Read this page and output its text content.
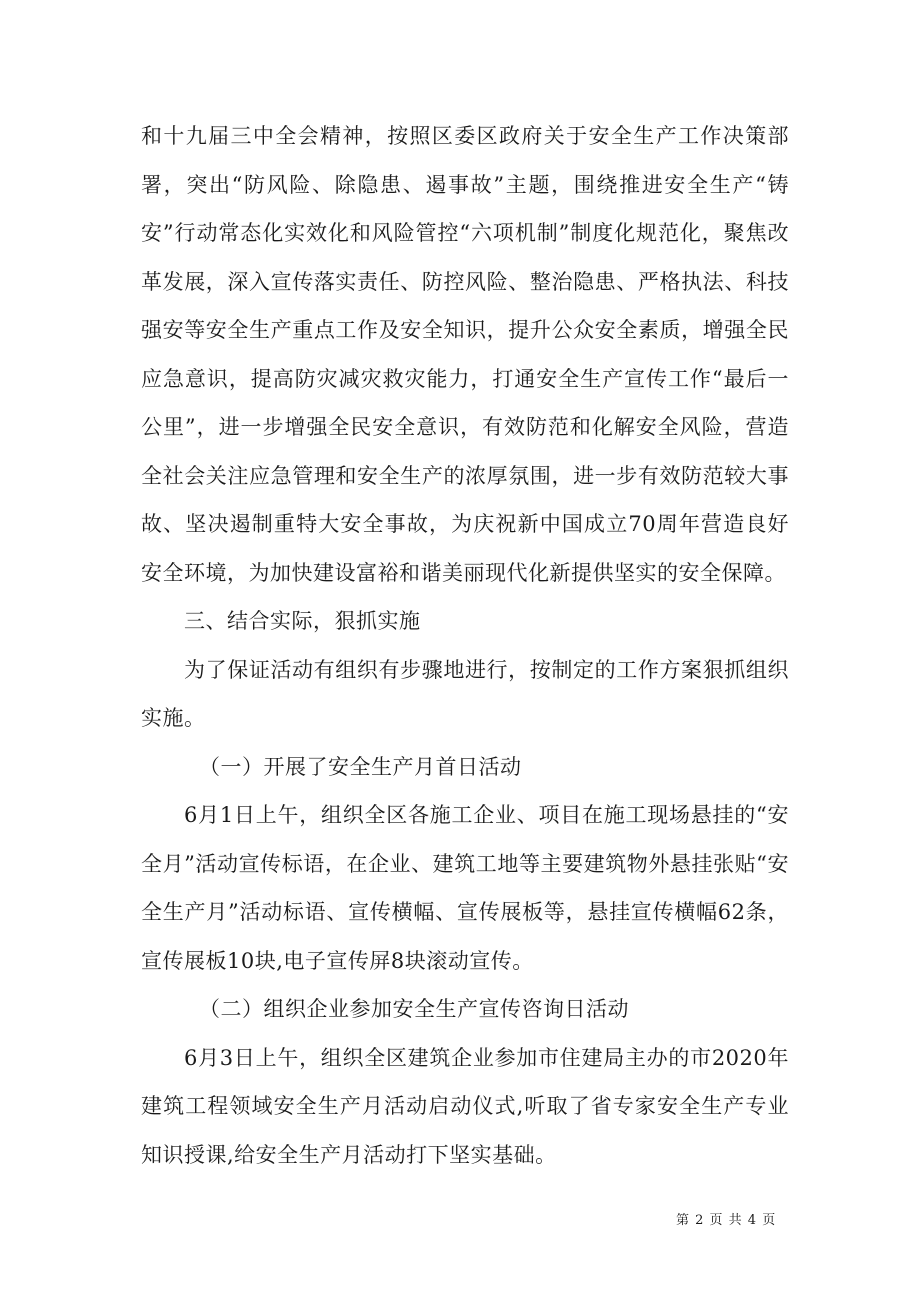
和十九届三中全会精神，按照区委区政府关于安全生产工作决策部署，突出“防风险、除隐患、遏事故”主题，围绕推进安全生产“铸安”行动常态化实效化和风险管控“六项机制”制度化规范化，聚焦改革发展，深入宣传落实责任、防控风险、整治隐患、严格执法、科技强安等安全生产重点工作及安全知识，提升公众安全素质，增强全民应急意识，提高防灾减灾救灾能力，打通安全生产宣传工作“最后一公里”，进一步增强全民安全意识，有效防范和化解安全风险，营造全社会关注应急管理和安全生产的浓厚氛围，进一步有效防范较大事故、坚决遏制重特大安全事故，为庆祝新中国成立70周年营造良好安全环境，为加快建设富裕和谐美丽现代化新提供坚实的安全保障。

三、结合实际，狠抓实施

为了保证活动有组织有步骤地进行，按制定的工作方案狠抓组织实施。

（一）开展了安全生产月首日活动

6月1日上午，组织全区各施工企业、项目在施工现场悬挂的“安全月”活动宣传标语，在企业、建筑工地等主要建筑物外悬挂张贴“安全生产月”活动标语、宣传横幅、宣传展板等，悬挂宣传横幅62条，宣传展板10块,电子宣传屏8块滚动宣传。

（二）组织企业参加安全生产宣传咨询日活动

6月3日上午，组织全区建筑企业参加市住建局主办的市2020年建筑工程领域安全生产月活动启动仪式,听取了省专家安全生产专业知识授课,给安全生产月活动打下坚实基础。

第 2 页 共 4 页
